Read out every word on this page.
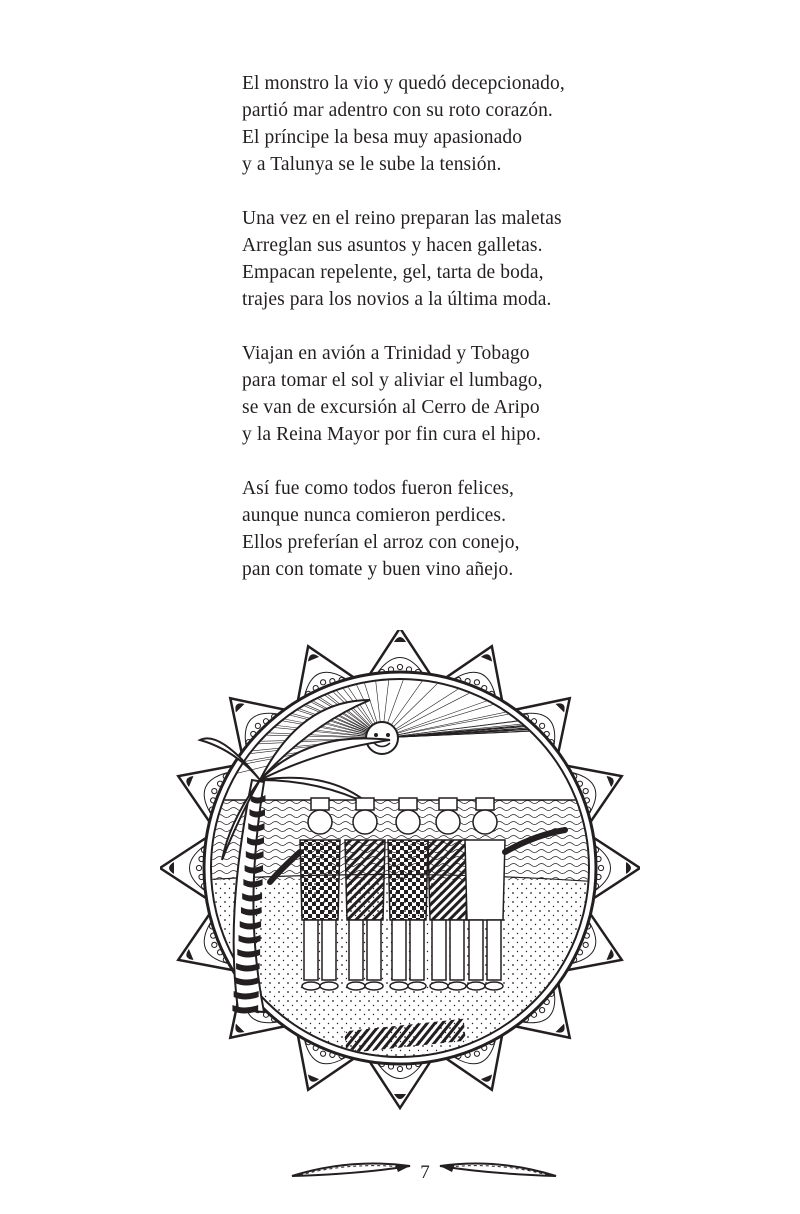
El monstro la vio y quedó decepcionado,
partió mar adentro con su roto corazón.
El príncipe la besa muy apasionado
y a Talunya se le sube la tensión.
Una vez en el reino preparan las maletas
Arreglan sus asuntos y hacen galletas.
Empacan repelente, gel, tarta de boda,
trajes para los novios a la última moda.
Viajan en avión a Trinidad y Tobago
para tomar el sol y aliviar el lumbago,
se van de excursión al Cerro de Aripo
y la Reina Mayor por fin cura el hipo.
Así fue como todos fueron felices,
aunque nunca comieron perdices.
Ellos preferían el arroz con conejo,
pan con tomate y buen vino añejo.
7
